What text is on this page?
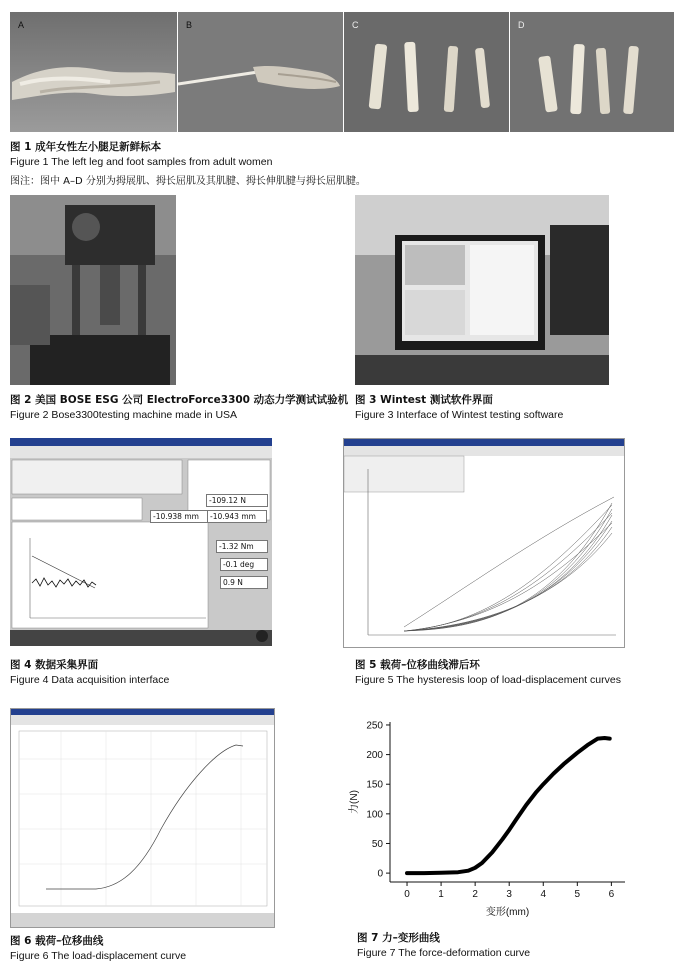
A	B	C	D
图 1 成年女性左小腿足新鲜标本
Figure 1 The left leg and foot samples from adult women
图注：图中 A–D 分别为拇展肌、拇长屈肌及其肌腱、拇长伸肌腱与拇长屈肌腱。
图 2 美国 BOSE ESG 公司 ElectroForce3300 动态力学测试试验机
Figure 2 Bose3300testing machine made in USA
图 3 Wintest 测试软件界面
Figure 3 Interface of Wintest testing software
-109.12 N
-10.938 mm	-10.943 mm
-1.32 Nm
-0.1 deg
0.9 N
图 4 数据采集界面
Figure 4 Data acquisition interface
图 5 载荷–位移曲线滞后环
Figure 5 The hysteresis loop of load-displacement curves
图 6 载荷–位移曲线
Figure 6 The load-displacement curve
0	1	2	3	4	5	6
0
50
100
150
200
250
变形(mm)
力(N)
图 7 力–变形曲线
Figure 7 The force-deformation curve
